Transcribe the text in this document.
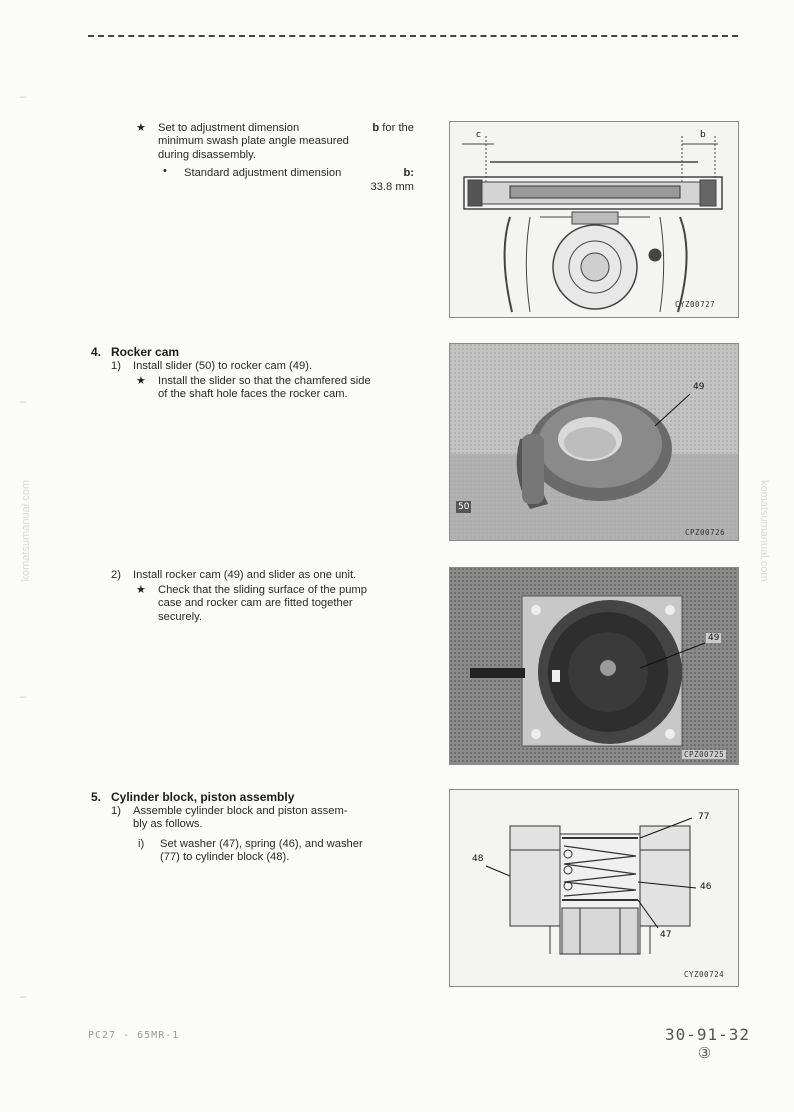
◦◦◦
◦◦◦
◦◦◦
◦◦◦
komatsumanual.com	komatsumanual.com
★ Set to adjustment dimension	b for the
minimum swash plate angle measured
during disassembly.
• Standard adjustment dimension	b:
33.8 mm
c	b
CYZ00727
4. Rocker cam
1) Install slider (50) to rocker cam (49).
★ Install the slider so that the chamfered side
of the shaft hole faces the rocker cam.
49
50
CPZ00726
2) Install rocker cam (49) and slider as one unit.
★ Check that the sliding surface of the pump
case and rocker cam are fitted together
securely.
49
CPZ00725
5. Cylinder block, piston assembly
1) Assemble cylinder block and piston assem-
bly as follows.
i) Set washer (47), spring (46), and washer
(77) to cylinder block (48).
77
48
46
47
CYZ00724
PC27 - 65MR-1	30-91-32
③
